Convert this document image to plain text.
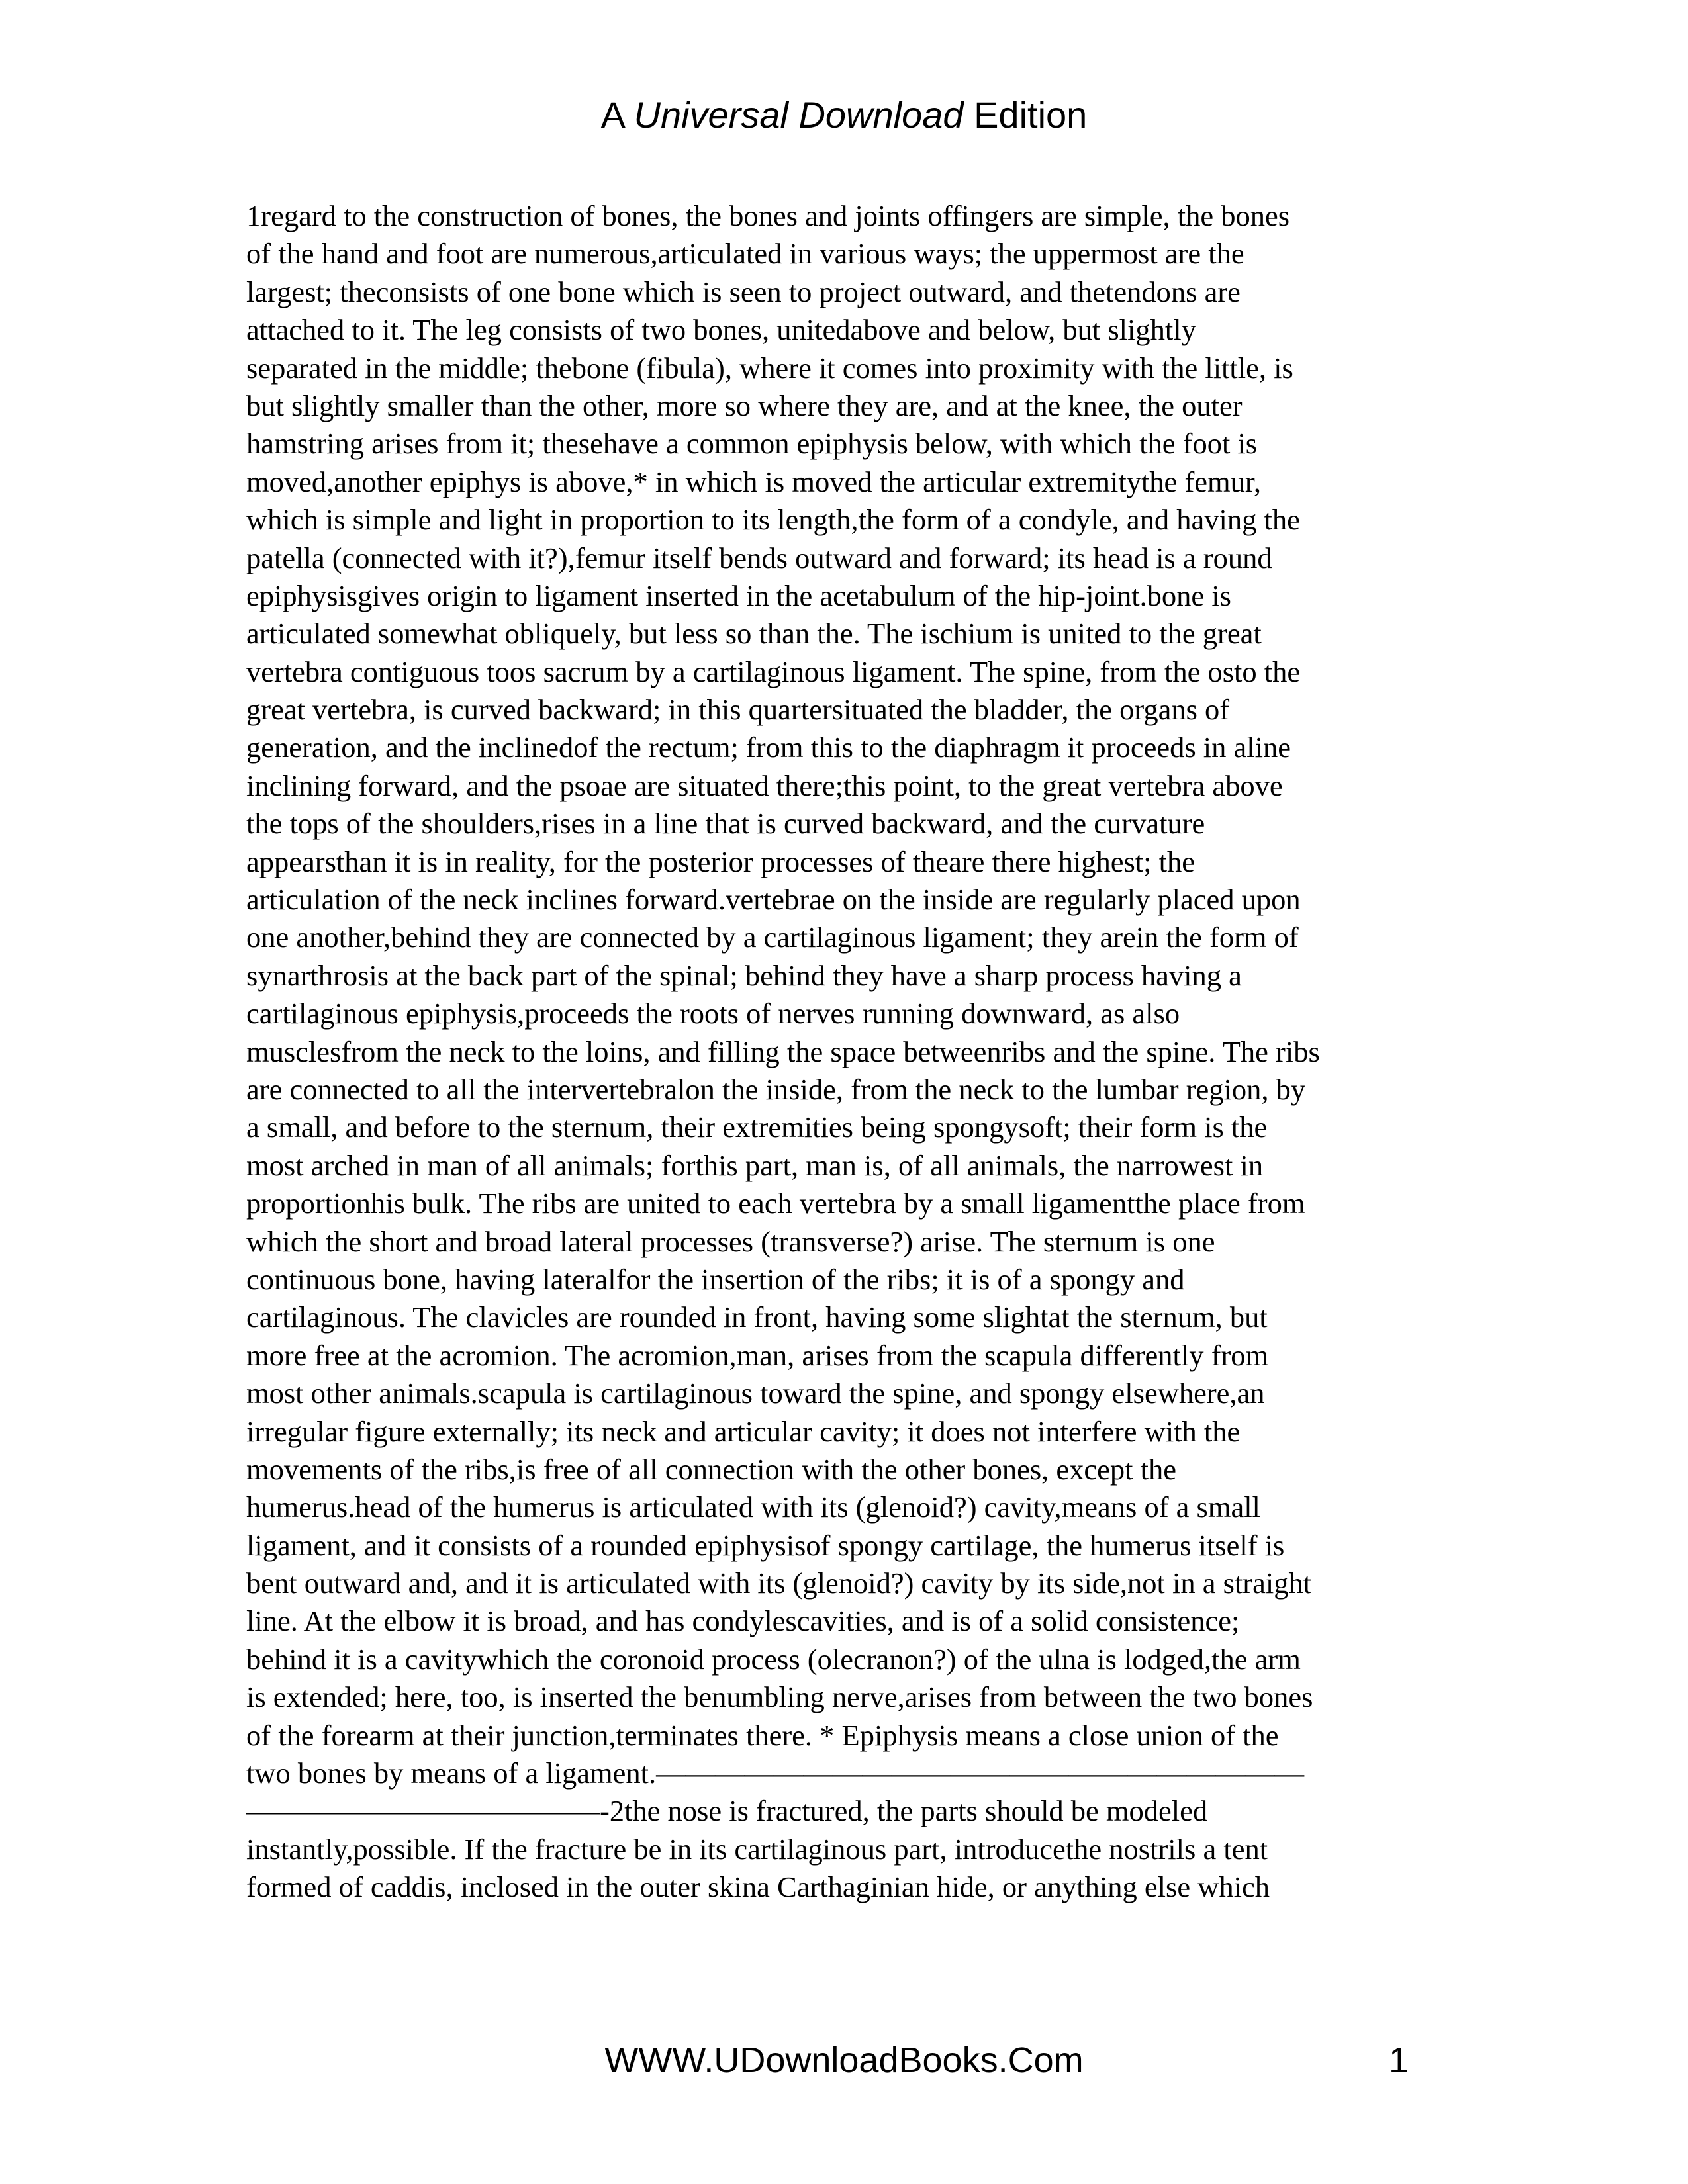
A Universal Download Edition
1regard to the construction of bones, the bones and joints offingers are simple, the bones
of the hand and foot are numerous,articulated in various ways; the uppermost are the
largest; theconsists of one bone which is seen to project outward, and thetendons are
attached to it. The leg consists of two bones, unitedabove and below, but slightly
separated in the middle; thebone (fibula), where it comes into proximity with the little, is
but slightly smaller than the other, more so where they are, and at the knee, the outer
hamstring arises from it; thesehave a common epiphysis below, with which the foot is
moved,another epiphys is above,* in which is moved the articular extremitythe femur,
which is simple and light in proportion to its length,the form of a condyle, and having the
patella (connected with it?),femur itself bends outward and forward; its head is a round
epiphysisgives origin to ligament inserted in the acetabulum of the hip-joint.bone is
articulated somewhat obliquely, but less so than the. The ischium is united to the great
vertebra contiguous toos sacrum by a cartilaginous ligament. The spine, from the osto the
great vertebra, is curved backward; in this quartersituated the bladder, the organs of
generation, and the inclinedof the rectum; from this to the diaphragm it proceeds in aline
inclining forward, and the psoae are situated there;this point, to the great vertebra above
the tops of the shoulders,rises in a line that is curved backward, and the curvature
appearsthan it is in reality, for the posterior processes of theare there highest; the
articulation of the neck inclines forward.vertebrae on the inside are regularly placed upon
one another,behind they are connected by a cartilaginous ligament; they arein the form of
synarthrosis at the back part of the spinal; behind they have a sharp process having a
cartilaginous epiphysis,proceeds the roots of nerves running downward, as also
musclesfrom the neck to the loins, and filling the space betweenribs and the spine. The ribs
are connected to all the intervertebralon the inside, from the neck to the lumbar region, by
a small, and before to the sternum, their extremities being spongysoft; their form is the
most arched in man of all animals; forthis part, man is, of all animals, the narrowest in
proportionhis bulk. The ribs are united to each vertebra by a small ligamentthe place from
which the short and broad lateral processes (transverse?) arise. The sternum is one
continuous bone, having lateralfor the insertion of the ribs; it is of a spongy and
cartilaginous. The clavicles are rounded in front, having some slightat the sternum, but
more free at the acromion. The acromion,man, arises from the scapula differently from
most other animals.scapula is cartilaginous toward the spine, and spongy elsewhere,an
irregular figure externally; its neck and articular cavity; it does not interfere with the
movements of the ribs,is free of all connection with the other bones, except the
humerus.head of the humerus is articulated with its (glenoid?) cavity,means of a small
ligament, and it consists of a rounded epiphysisof spongy cartilage, the humerus itself is
bent outward and, and it is articulated with its (glenoid?) cavity by its side,not in a straight
line. At the elbow it is broad, and has condylescavities, and is of a solid consistence;
behind it is a cavitywhich the coronoid process (olecranon?) of the ulna is lodged,the arm
is extended; here, too, is inserted the benumbling nerve,arises from between the two bones
of the forearm at their junction,terminates there. * Epiphysis means a close union of the
two bones by means of a ligament.——————————————————————
————————————-2the nose is fractured, the parts should be modeled
instantly,possible. If the fracture be in its cartilaginous part, introducethe nostrils a tent
formed of caddis, inclosed in the outer skina Carthaginian hide, or anything else which
WWW.UDownloadBooks.Com	1
